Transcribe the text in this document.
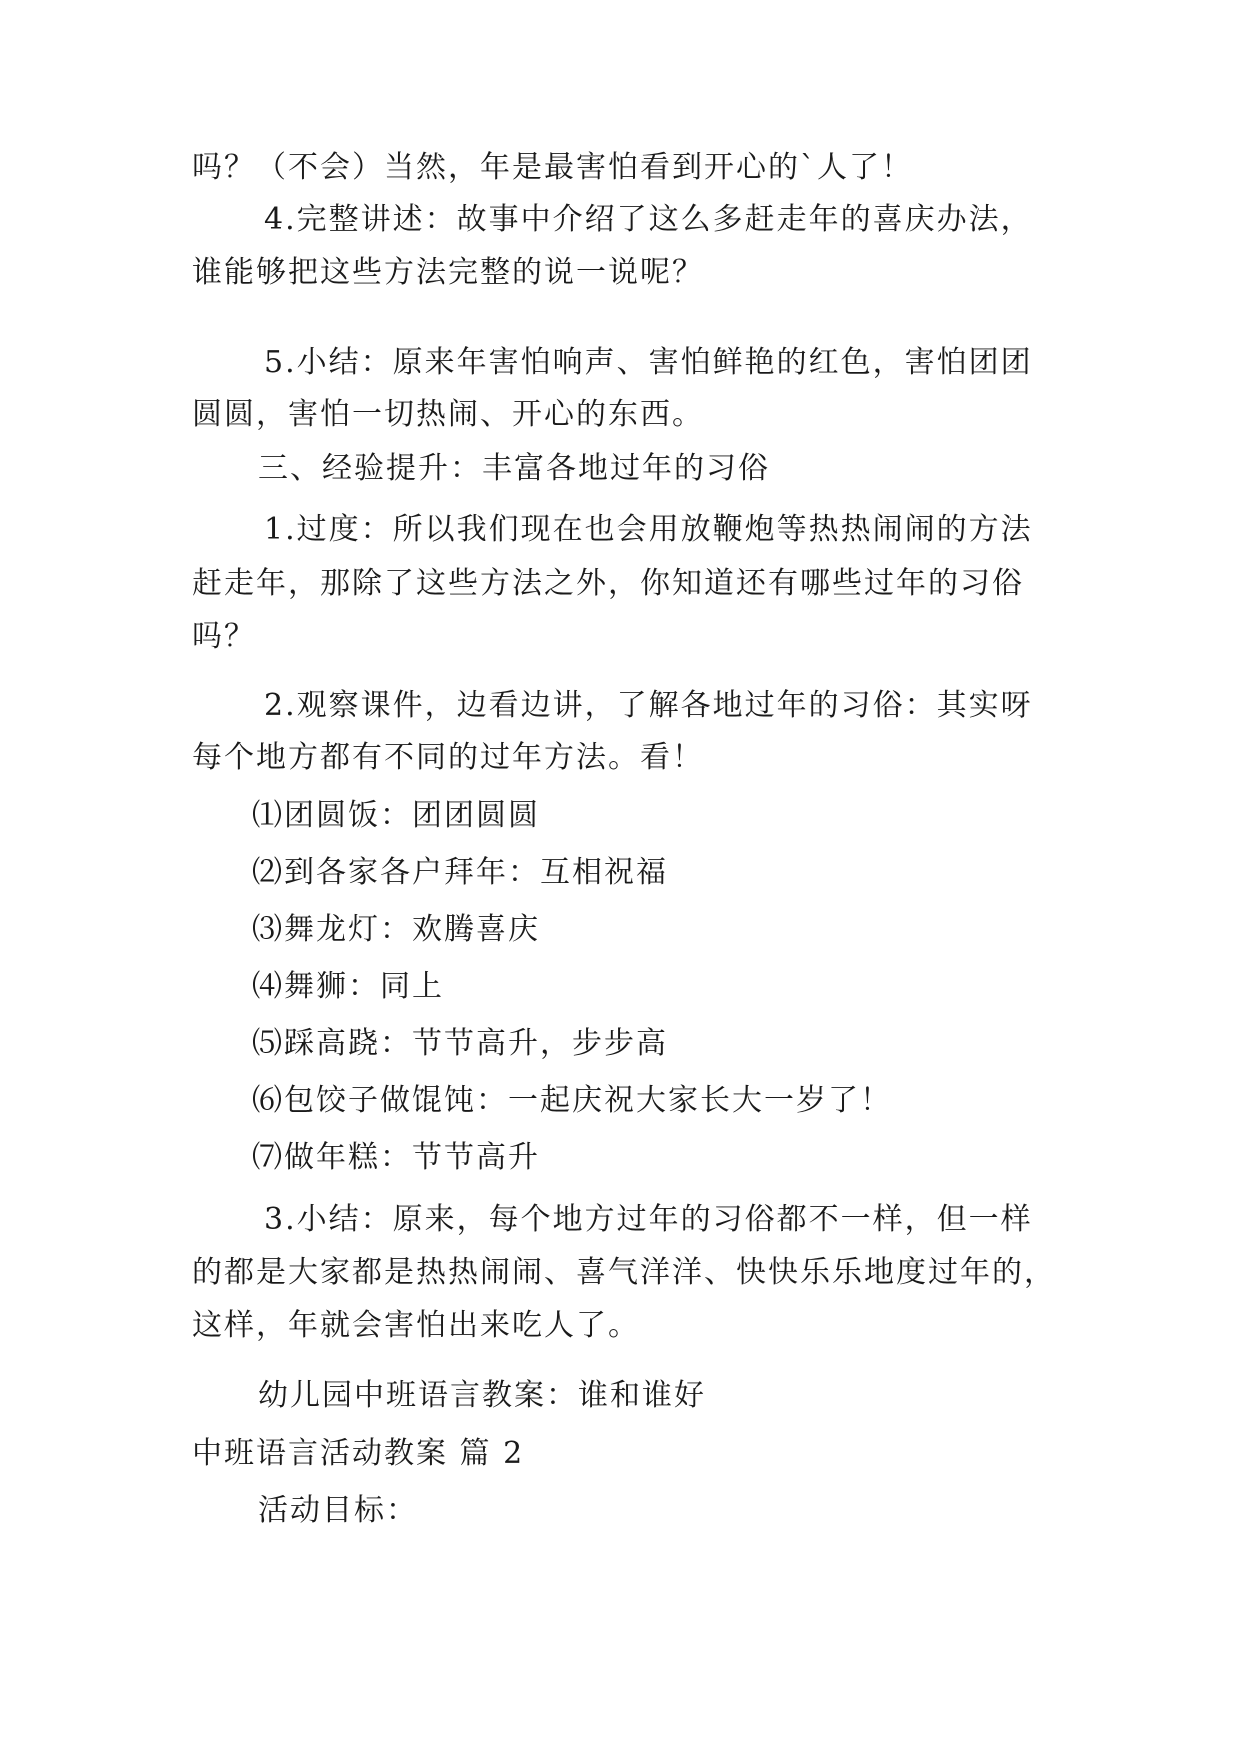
吗？（不会）当然，年是最害怕看到开心的`人了！
4.完整讲述：故事中介绍了这么多赶走年的喜庆办法，
谁能够把这些方法完整的说一说呢？
5.小结：原来年害怕响声、害怕鲜艳的红色，害怕团团
圆圆，害怕一切热闹、开心的东西。
三、经验提升：丰富各地过年的习俗
1.过度：所以我们现在也会用放鞭炮等热热闹闹的方法
赶走年，那除了这些方法之外，你知道还有哪些过年的习俗
吗？
2.观察课件，边看边讲，了解各地过年的习俗：其实呀
每个地方都有不同的过年方法。看！
⑴团圆饭：团团圆圆
⑵到各家各户拜年：互相祝福
⑶舞龙灯：欢腾喜庆
⑷舞狮：同上
⑸踩高跷：节节高升，步步高
⑹包饺子做馄饨：一起庆祝大家长大一岁了！
⑺做年糕：节节高升
3.小结：原来，每个地方过年的习俗都不一样，但一样
的都是大家都是热热闹闹、喜气洋洋、快快乐乐地度过年的，
这样，年就会害怕出来吃人了。
幼儿园中班语言教案：谁和谁好
中班语言活动教案 篇 2
活动目标：
